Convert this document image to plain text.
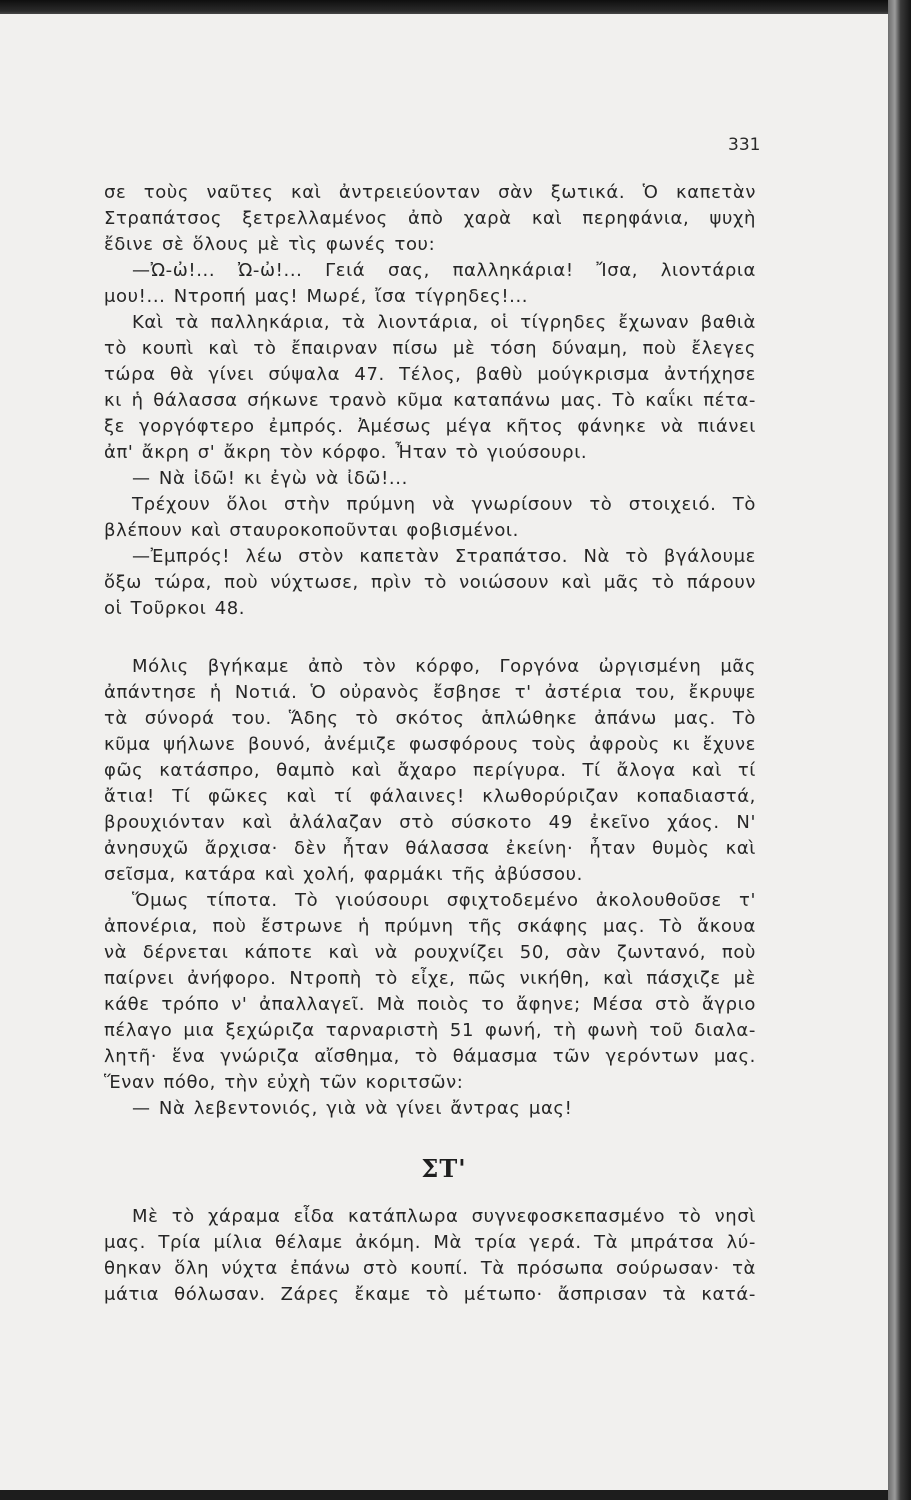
331
σε τοὺς ναῦτες καὶ ἀντρειεύονταν σὰν ξωτικά. Ὁ καπετὰν
Στραπάτσος ξετρελλαμένος ἀπὸ χαρὰ καὶ περηφάνια, ψυχὴ
ἔδινε σὲ ὅλους μὲ τὶς φωνές του:
—Ὠ-ὠ!... Ὠ-ὠ!... Γειά σας, παλληκάρια! Ἴσα, λιοντάρια
μου!... Ντροπή μας! Μωρέ, ἴσα τίγρηδες!...
Καὶ τὰ παλληκάρια, τὰ λιοντάρια, οἱ τίγρηδες ἔχωναν βαθιὰ
τὸ κουπὶ καὶ τὸ ἔπαιρναν πίσω μὲ τόση δύναμη, ποὺ ἔλεγες
τώρα θὰ γίνει σύψαλα 47. Τέλος, βαθὺ μούγκρισμα ἀντήχησε
κι ἡ θάλασσα σήκωνε τρανὸ κῦμα καταπάνω μας. Τὸ καΐκι πέτα-
ξε γοργόφτερο ἐμπρός. Ἀμέσως μέγα κῆτος φάνηκε νὰ πιάνει
ἀπ' ἄκρη σ' ἄκρη τὸν κόρφο. Ἦταν τὸ γιούσουρι.
— Νὰ ἰδῶ! κι ἐγὼ νὰ ἰδῶ!...
Τρέχουν ὅλοι στὴν πρύμνη νὰ γνωρίσουν τὸ στοιχειό. Τὸ
βλέπουν καὶ σταυροκοποῦνται φοβισμένοι.
—Ἐμπρός! λέω στὸν καπετὰν Στραπάτσο. Νὰ τὸ βγάλουμε
ὄξω τώρα, ποὺ νύχτωσε, πρὶν τὸ νοιώσουν καὶ μᾶς τὸ πάρουν
οἱ Τοῦρκοι 48.
Μόλις βγήκαμε ἀπὸ τὸν κόρφο, Γοργόνα ὠργισμένη μᾶς
ἀπάντησε ἡ Νοτιά. Ὁ οὐρανὸς ἔσβησε τ' ἀστέρια του, ἔκρυψε
τὰ σύνορά του. Ἅδης τὸ σκότος ἁπλώθηκε ἀπάνω μας. Τὸ
κῦμα ψήλωνε βουνό, ἀνέμιζε φωσφόρους τοὺς ἀφροὺς κι ἔχυνε
φῶς κατάσπρο, θαμπὸ καὶ ἄχαρο περίγυρα. Τί ἄλογα καὶ τί
ἄτια! Τί φῶκες καὶ τί φάλαινες! κλωθορύριζαν κοπαδιαστά,
βρουχιόνταν καὶ ἀλάλαζαν στὸ σύσκοτο 49 ἐκεῖνο χάος. Ν'
ἀνησυχῶ ἄρχισα· δὲν ἦταν θάλασσα ἐκείνη· ἦταν θυμὸς καὶ
σεῖσμα, κατάρα καὶ χολή, φαρμάκι τῆς ἀβύσσου.
Ὅμως τίποτα. Τὸ γιούσουρι σφιχτοδεμένο ἀκολουθοῦσε τ'
ἀπονέρια, ποὺ ἔστρωνε ἡ πρύμνη τῆς σκάφης μας. Τὸ ἄκουα
νὰ δέρνεται κάποτε καὶ νὰ ρουχνίζει 50, σὰν ζωντανό, ποὺ
παίρνει ἀνήφορο. Ντροπὴ τὸ εἶχε, πῶς νικήθη, καὶ πάσχιζε μὲ
κάθε τρόπο ν' ἀπαλλαγεῖ. Μὰ ποιὸς το ἄφηνε; Μέσα στὸ ἄγριο
πέλαγο μια ξεχώριζα ταρναριστὴ 51 φωνή, τὴ φωνὴ τοῦ διαλα-
λητῆ· ἕνα γνώριζα αἴσθημα, τὸ θάμασμα τῶν γερόντων μας.
Ἕναν πόθο, τὴν εὐχὴ τῶν κοριτσῶν:
— Νὰ λεβεντονιός, γιὰ νὰ γίνει ἄντρας μας!
ΣΤ'
Μὲ τὸ χάραμα εἶδα κατάπλωρα συγνεφοσκεπασμένο τὸ νησὶ
μας. Τρία μίλια θέλαμε ἀκόμη. Μὰ τρία γερά. Τὰ μπράτσα λύ-
θηκαν ὅλη νύχτα ἐπάνω στὸ κουπί. Τὰ πρόσωπα σούρωσαν· τὰ
μάτια θόλωσαν. Ζάρες ἔκαμε τὸ μέτωπο· ἄσπρισαν τὰ κατά-
